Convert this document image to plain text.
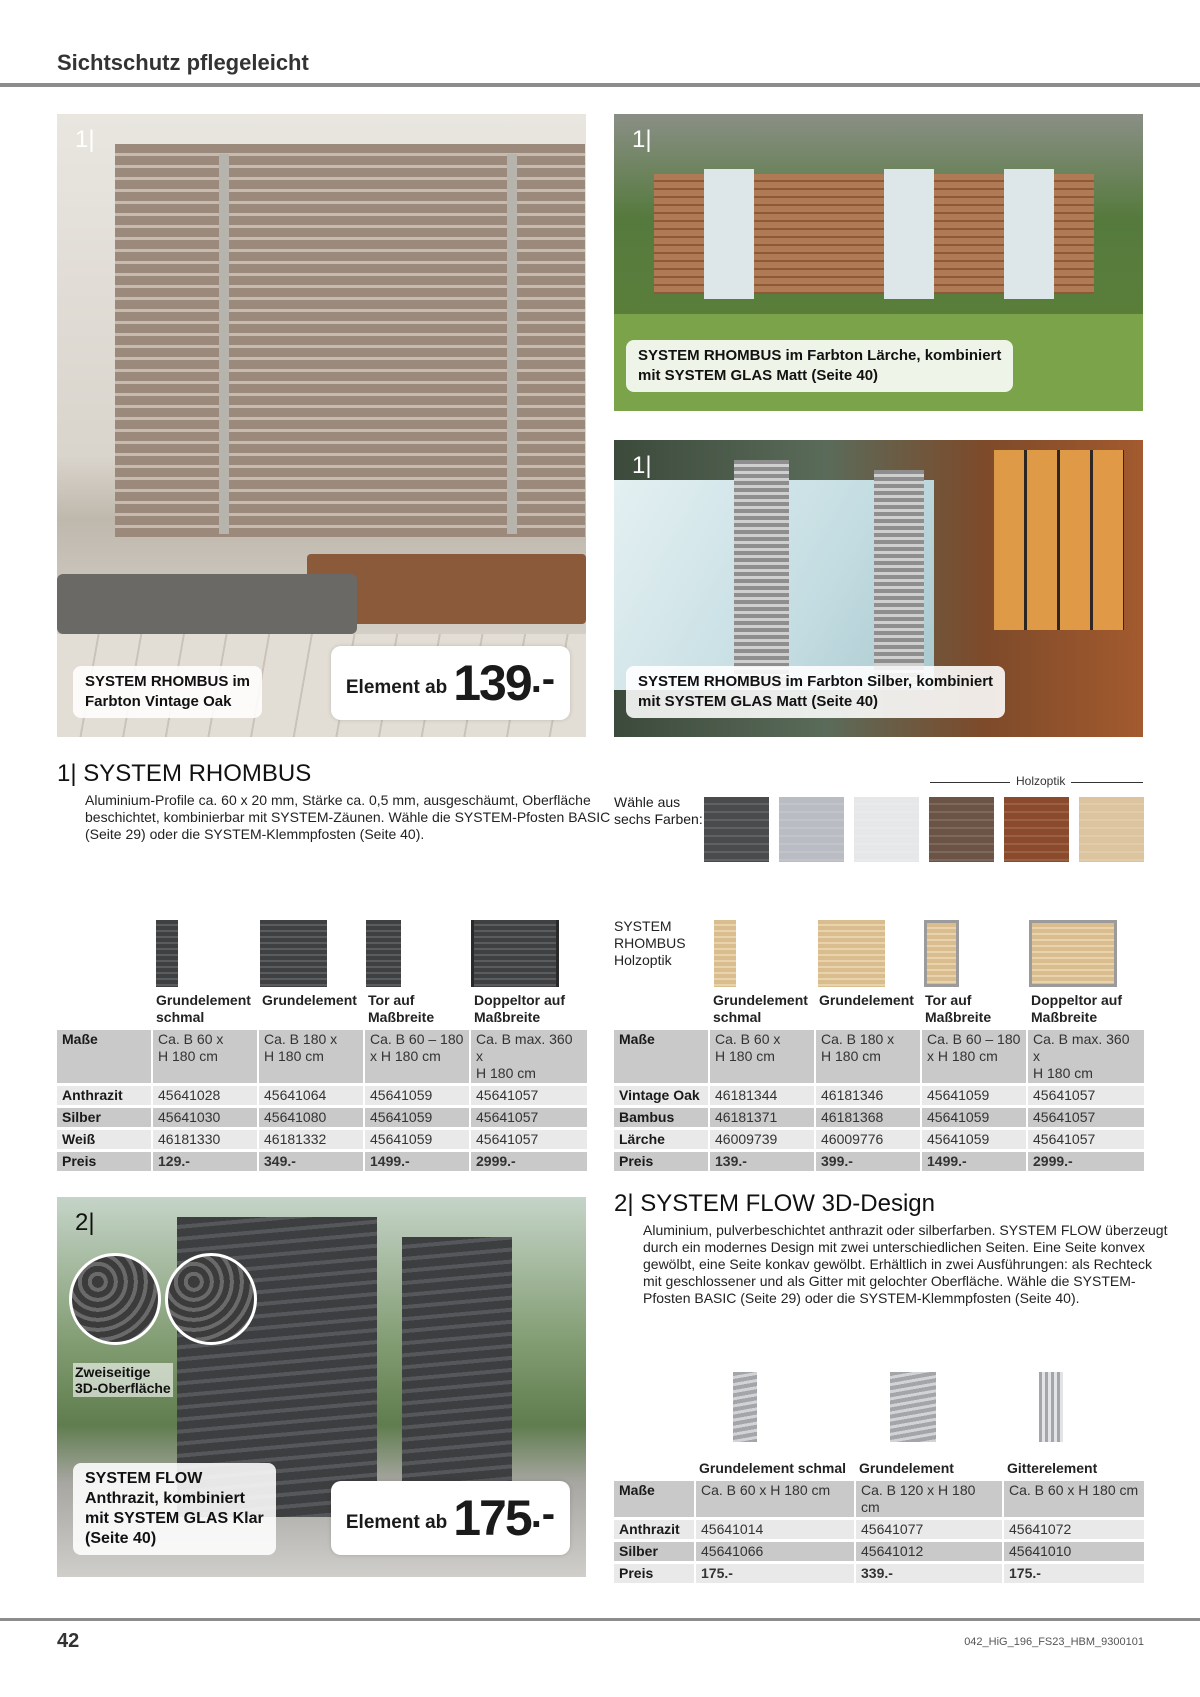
Sichtschutz pflegeleicht
1|
SYSTEM RHOMBUS im
Farbton Vintage Oak
Element ab 139 .-
1|
SYSTEM RHOMBUS im Farbton Lärche, kombiniert
mit SYSTEM GLAS Matt (Seite 40)
1|
SYSTEM RHOMBUS im Farbton Silber, kombiniert
mit SYSTEM GLAS Matt (Seite 40)
1| SYSTEM RHOMBUS
Aluminium-Profile ca. 60 x 20 mm, Stärke ca. 0,5 mm, ausgeschäumt, Oberfläche
beschichtet, kombinierbar mit SYSTEM-Zäunen. Wähle die SYSTEM-Pfosten BASIC
(Seite 29) oder die SYSTEM-Klemmpfosten (Seite 40).
Holzoptik
Wähle aus
sechs Farben:
	Grundelement
schmal	Grundelement	Tor auf
Maßbreite	Doppeltor auf
Maßbreite
Maße	Ca. B 60 x
H 180 cm	Ca. B 180 x
H 180 cm	Ca. B 60 – 180
x H 180 cm	Ca. B max. 360 x
H 180 cm
Anthrazit	45641028	45641064	45641059	45641057
Silber	45641030	45641080	45641059	45641057
Weiß	46181330	46181332	45641059	45641057
Preis	129.-	349.-	1499.-	2999.-
SYSTEM
RHOMBUS
Holzoptik
	Grundelement
schmal	Grundelement	Tor auf
Maßbreite	Doppeltor auf
Maßbreite
Maße	Ca. B 60 x
H 180 cm	Ca. B 180 x
H 180 cm	Ca. B 60 – 180
x H 180 cm	Ca. B max. 360 x
H 180 cm
Vintage Oak	46181344	46181346	45641059	45641057
Bambus	46181371	46181368	45641059	45641057
Lärche	46009739	46009776	45641059	45641057
Preis	139.-	399.-	1499.-	2999.-
2|
Zweiseitige
3D-Oberfläche
SYSTEM FLOW
Anthrazit, kombiniert
mit SYSTEM GLAS Klar
(Seite 40)
Element ab 175 .-
2| SYSTEM FLOW 3D-Design
Aluminium, pulverbeschichtet anthrazit oder silberfarben. SYSTEM FLOW überzeugt
durch ein modernes Design mit zwei unterschiedlichen Seiten. Eine Seite konvex
gewölbt, eine Seite konkav gewölbt. Erhältlich in zwei Ausführungen: als Rechteck
mit geschlossener und als Gitter mit gelochter Oberfläche. Wähle die SYSTEM-
Pfosten BASIC (Seite 29) oder die SYSTEM-Klemmpfosten (Seite 40).
	Grundelement schmal	Grundelement	Gitterelement
Maße	Ca. B 60 x H 180 cm	Ca. B 120 x H 180 cm	Ca. B 60 x H 180 cm
Anthrazit	45641014	45641077	45641072
Silber	45641066	45641012	45641010
Preis	175.-	339.-	175.-
42	042_HiG_196_FS23_HBM_9300101
